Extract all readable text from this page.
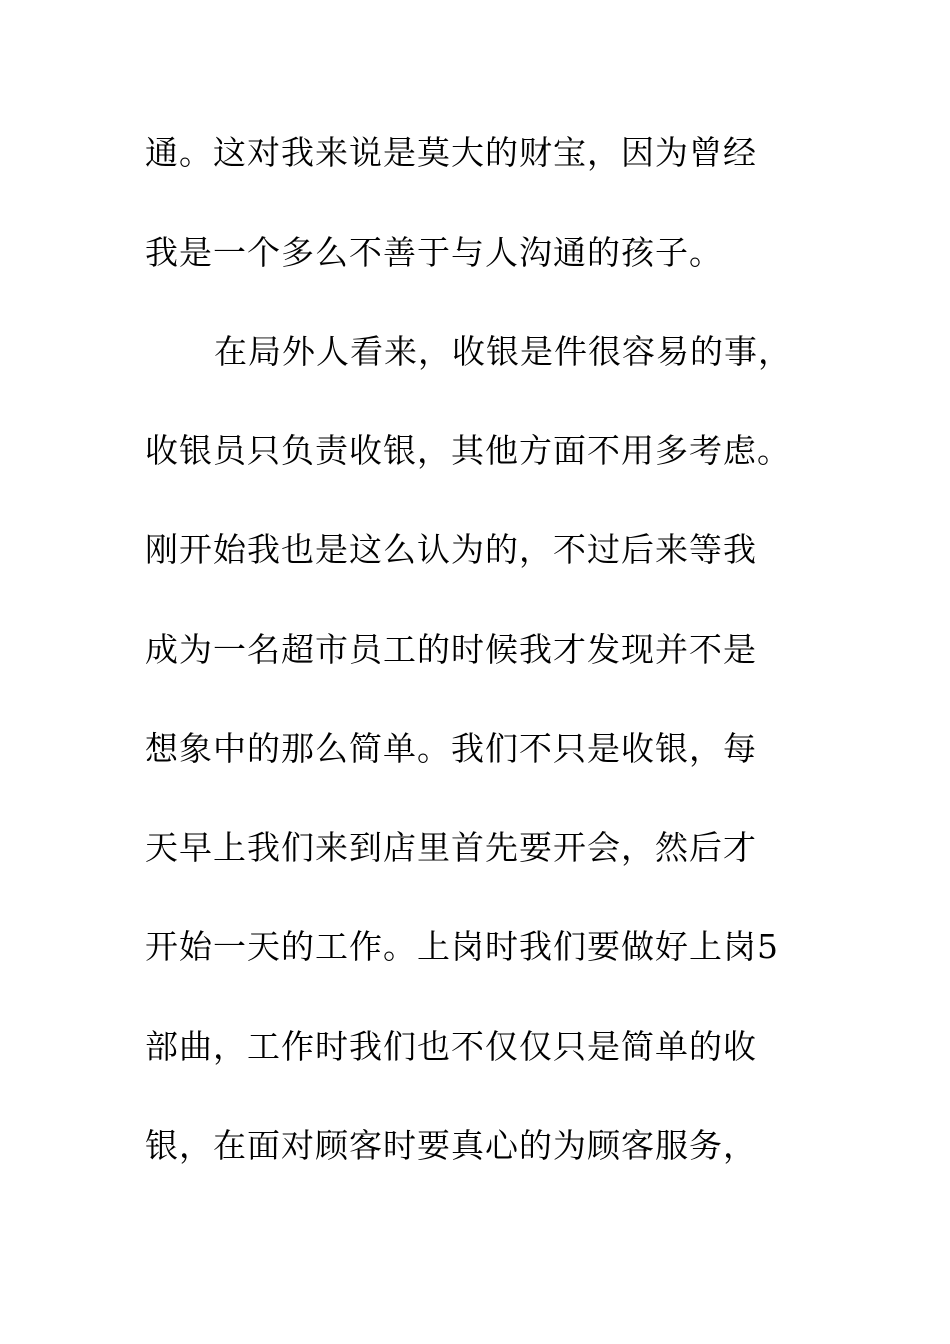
通。这对我来说是莫大的财宝，因为曾经
我是一个多么不善于与人沟通的孩子。
在局外人看来，收银是件很容易的事，
收银员只负责收银，其他方面不用多考虑。
刚开始我也是这么认为的，不过后来等我
成为一名超市员工的时候我才发现并不是
想象中的那么简单。我们不只是收银，每
天早上我们来到店里首先要开会，然后才
开始一天的工作。上岗时我们要做好上岗5
部曲，工作时我们也不仅仅只是简单的收
银，在面对顾客时要真心的为顾客服务，
